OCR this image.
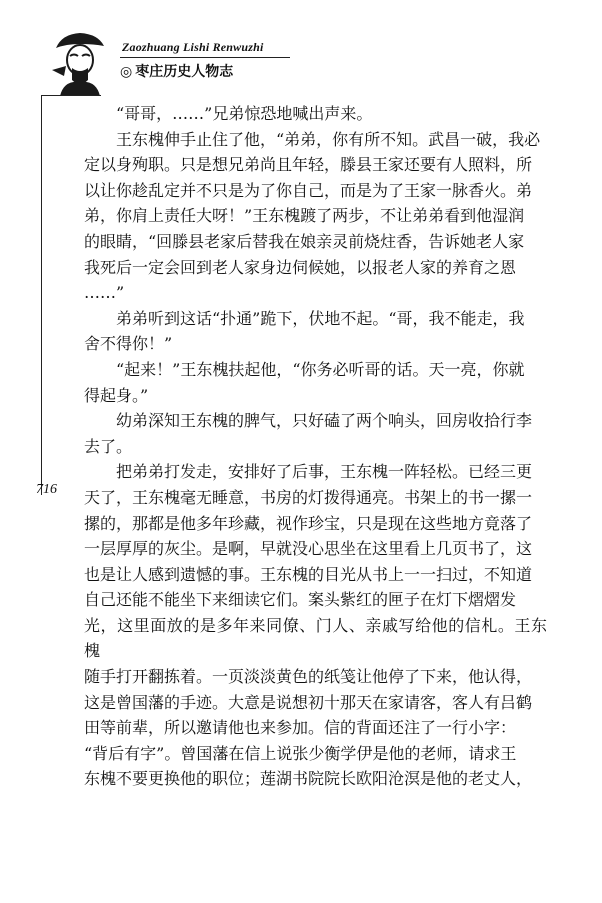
Zaozhuang Lishi Renwuzhi
◎ 枣庄历史人物志
716

“哥哥，……”兄弟惊恐地喊出声来。

王东槐伸手止住了他，“弟弟，你有所不知。武昌一破，我必
定以身殉职。只是想兄弟尚且年轻，滕县王家还要有人照料，所
以让你趁乱定并不只是为了你自己，而是为了王家一脉香火。弟
弟，你肩上责任大呀！”王东槐踱了两步，不让弟弟看到他湿润
的眼睛，“回滕县老家后替我在娘亲灵前烧炷香，告诉她老人家
我死后一定会回到老人家身边伺候她，以报老人家的养育之恩
……”

弟弟听到这话“扑通”跪下，伏地不起。“哥，我不能走，我
舍不得你！”

“起来！”王东槐扶起他，“你务必听哥的话。天一亮，你就
得起身。”

幼弟深知王东槐的脾气，只好磕了两个响头，回房收拾行李
去了。

把弟弟打发走，安排好了后事，王东槐一阵轻松。已经三更
天了，王东槐毫无睡意，书房的灯拨得通亮。书架上的书一摞一
摞的，那都是他多年珍藏，视作珍宝，只是现在这些地方竟落了
一层厚厚的灰尘。是啊，早就没心思坐在这里看上几页书了，这
也是让人感到遗憾的事。王东槐的目光从书上一一扫过，不知道
自己还能不能坐下来细读它们。案头紫红的匣子在灯下熠熠发
光，这里面放的是多年来同僚、门人、亲戚写给他的信札。王东槐
随手打开翻拣着。一页淡淡黄色的纸笺让他停了下来，他认得，
这是曾国藩的手迹。大意是说想初十那天在家请客，客人有吕鹤
田等前辈，所以邀请他也来参加。信的背面还注了一行小字：
“背后有字”。曾国藩在信上说张少衡学伊是他的老师，请求王
东槐不要更换他的职位；莲湖书院院长欧阳沧溟是他的老丈人，
